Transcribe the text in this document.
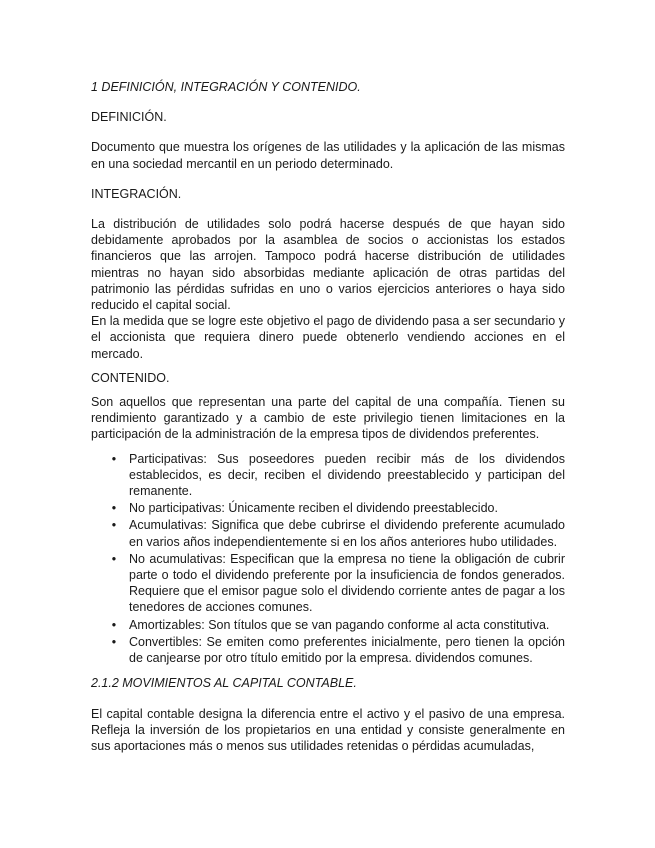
1 DEFINICIÓN, INTEGRACIÓN Y CONTENIDO.

DEFINICIÓN.

Documento que muestra los orígenes de las utilidades y la aplicación de las mismas en una sociedad mercantil en un periodo determinado.

INTEGRACIÓN.

La distribución de utilidades solo podrá hacerse después de que hayan sido debidamente aprobados por la asamblea de socios o accionistas los estados financieros que las arrojen. Tampoco podrá hacerse distribución de utilidades mientras no hayan sido absorbidas mediante aplicación de otras partidas del patrimonio las pérdidas sufridas en uno o varios ejercicios anteriores o haya sido reducido el capital social.

En la medida que se logre este objetivo el pago de dividendo pasa a ser secundario y el accionista que requiera dinero puede obtenerlo vendiendo acciones en el mercado.

CONTENIDO.

Son aquellos que representan una parte del capital de una compañía. Tienen su rendimiento garantizado y a cambio de este privilegio tienen limitaciones en la participación de la administración de la empresa tipos de dividendos preferentes.

• Participativas: Sus poseedores pueden recibir más de los dividendos establecidos, es decir, reciben el dividendo preestablecido y participan del remanente.
• No participativas: Únicamente reciben el dividendo preestablecido.
• Acumulativas: Significa que debe cubrirse el dividendo preferente acumulado en varios años independientemente si en los años anteriores hubo utilidades.
• No acumulativas: Especifican que la empresa no tiene la obligación de cubrir parte o todo el dividendo preferente por la insuficiencia de fondos generados. Requiere que el emisor pague solo el dividendo corriente antes de pagar a los tenedores de acciones comunes.
• Amortizables: Son títulos que se van pagando conforme al acta constitutiva.
• Convertibles: Se emiten como preferentes inicialmente, pero tienen la opción de canjearse por otro título emitido por la empresa. dividendos comunes.

2.1.2 MOVIMIENTOS AL CAPITAL CONTABLE.

El capital contable designa la diferencia entre el activo y el pasivo de una empresa. Refleja la inversión de los propietarios en una entidad y consiste generalmente en sus aportaciones más o menos sus utilidades retenidas o pérdidas acumuladas,
